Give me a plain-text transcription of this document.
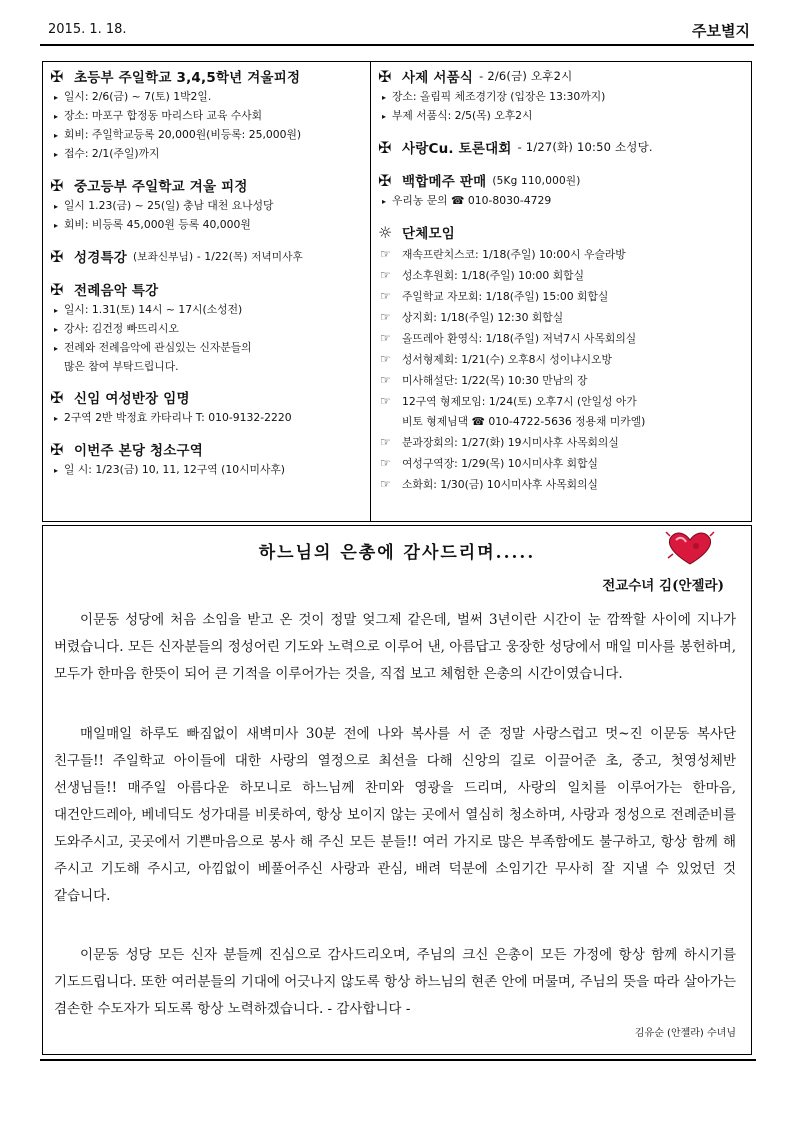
2015. 1. 18.	주보별지
✠ 초등부 주일학교 3,4,5학년 겨울피정
▸ 일시: 2/6(금) ~ 7(토) 1박2일.
▸ 장소: 마포구 합정동 마리스타 교육 수사회
▸ 회비: 주일학교등록 20,000원(비등록: 25,000원)
▸ 접수: 2/1(주일)까지
✠ 중고등부 주일학교 겨울 피정
▸ 일시 1.23(금) ~ 25(일) 충남 대천 요나성당
▸ 회비: 비등록 45,000원 등록 40,000원
✠ 성경특강 (보좌신부님) - 1/22(목) 저녁미사후
✠ 전례음악 특강
▸ 일시: 1.31(토) 14시 ~ 17시(소성전)
▸ 강사: 김건정 빠뜨리시오
▸ 전례와 전례음악에 관심있는 신자분들의
많은 참여 부탁드립니다.
✠ 신임 여성반장 임명
▸ 2구역 2반 박정효 카타리나 T: 010-9132-2220
✠ 이번주 본당 청소구역
▸ 일 시: 1/23(금) 10, 11, 12구역 (10시미사후)
✠ 사제 서품식 - 2/6(금) 오후2시
▸ 장소: 올림픽 체조경기장 (입장은 13:30까지)
▸ 부제 서품식: 2/5(목) 오후2시
✠ 사랑Cu. 토론대회 - 1/27(화) 10:50 소성당.
✠ 백합메주 판매 (5Kg 110,000원)
▸ 우리농 문의 ☎ 010-8030-4729
☼ 단체모임
☞ 재속프란치스코: 1/18(주일) 10:00시 우슬라방
☞ 성소후원회: 1/18(주일) 10:00 회합실
☞ 주일학교 자모회: 1/18(주일) 15:00 회합실
☞ 상지회: 1/18(주일) 12:30 회합실
☞ 올뜨레아 환영식: 1/18(주일) 저녁7시 사목회의실
☞ 성서형제회: 1/21(수) 오후8시 성이냐시오방
☞ 미사해설단: 1/22(목) 10:30 만남의 장
☞ 12구역 형제모임: 1/24(토) 오후7시 (안일성 아가
비토 형제님댁 ☎ 010-4722-5636 정용채 미카엘)
☞ 분과장회의: 1/27(화) 19시미사후 사목회의실
☞ 여성구역장: 1/29(목) 10시미사후 회합실
☞ 소화회: 1/30(금) 10시미사후 사목회의실
하느님의 은총에 감사드리며.....
전교수녀 김(안젤라)
이문동 성당에 처음 소임을 받고 온 것이 정말 엊그제 같은데, 벌써 3년이란 시간이 눈 깜짝할 사이에 지나가 버렸습니다. 모든 신자분들의 정성어린 기도와 노력으로 이루어 낸, 아름답고 웅장한 성당에서 매일 미사를 봉헌하며, 모두가 한마음 한뜻이 되어 큰 기적을 이루어가는 것을, 직접 보고 체험한 은총의 시간이였습니다.
매일매일 하루도 빠짐없이 새벽미사 30분 전에 나와 복사를 서 준 정말 사랑스럽고 멋~진 이문동 복사단 친구들!! 주일학교 아이들에 대한 사랑의 열정으로 최선을 다해 신앙의 길로 이끌어준 초, 중고, 첫영성체반 선생님들!! 매주일 아름다운 하모니로 하느님께 찬미와 영광을 드리며, 사랑의 일치를 이루어가는 한마음, 대건안드레아, 베네딕도 성가대를 비롯하여, 항상 보이지 않는 곳에서 열심히 청소하며, 사랑과 정성으로 전례준비를 도와주시고, 곳곳에서 기쁜마음으로 봉사 해 주신 모든 분들!! 여러 가지로 많은 부족함에도 불구하고, 항상 함께 해 주시고 기도해 주시고, 아낌없이 베풀어주신 사랑과 관심, 배려 덕분에 소임기간 무사히 잘 지낼 수 있었던 것 같습니다.
이문동 성당 모든 신자 분들께 진심으로 감사드리오며, 주님의 크신 은총이 모든 가정에 항상 함께 하시기를 기도드립니다. 또한 여러분들의 기대에 어긋나지 않도록 항상 하느님의 현존 안에 머물며, 주님의 뜻을 따라 살아가는 겸손한 수도자가 되도록 항상 노력하겠습니다. - 감사합니다 -
김유순 (안젤라) 수녀님
